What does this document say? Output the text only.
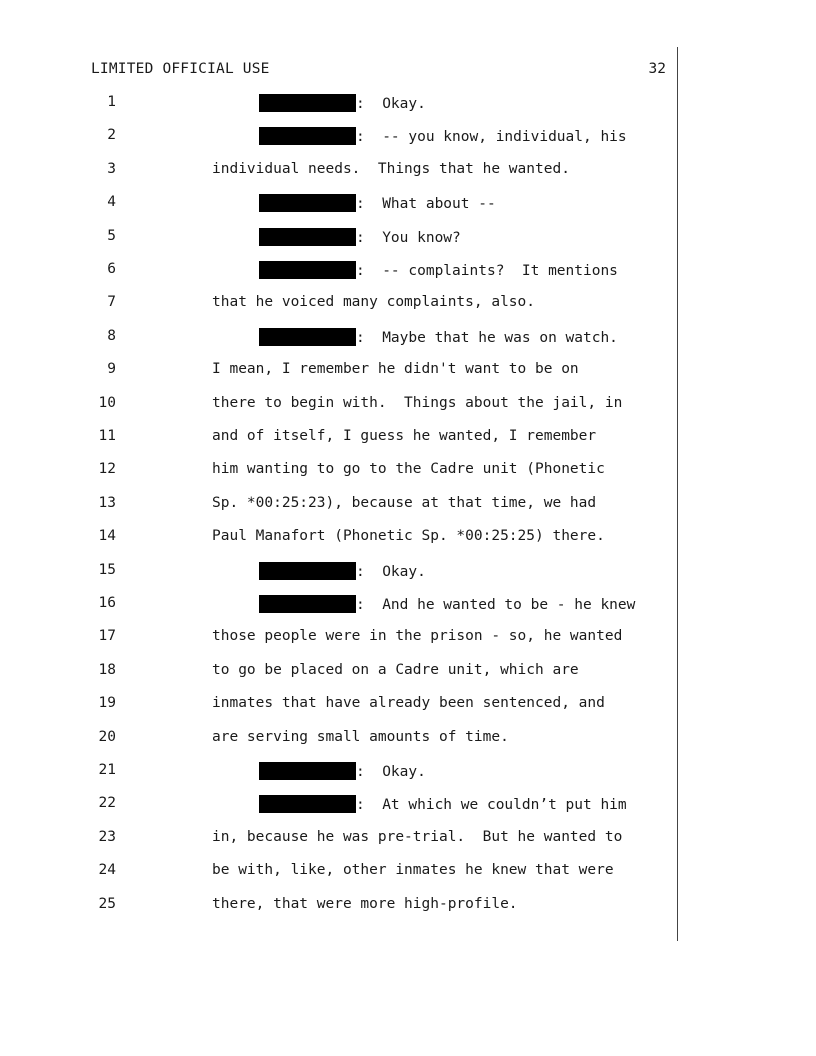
LIMITED OFFICIAL USE	32
1	:  Okay.
2	:  -- you know, individual, his
3	individual needs.  Things that he wanted.
4	:  What about --
5	:  You know?
6	:  -- complaints?  It mentions
7	that he voiced many complaints, also.
8	:  Maybe that he was on watch.
9	I mean, I remember he didn't want to be on
10	there to begin with.  Things about the jail, in
11	and of itself, I guess he wanted, I remember
12	him wanting to go to the Cadre unit (Phonetic
13	Sp. *00:25:23), because at that time, we had
14	Paul Manafort (Phonetic Sp. *00:25:25) there.
15	:  Okay.
16	:  And he wanted to be - he knew
17	those people were in the prison - so, he wanted
18	to go be placed on a Cadre unit, which are
19	inmates that have already been sentenced, and
20	are serving small amounts of time.
21	:  Okay.
22	:  At which we couldn’t put him
23	in, because he was pre-trial.  But he wanted to
24	be with, like, other inmates he knew that were
25	there, that were more high-profile.
